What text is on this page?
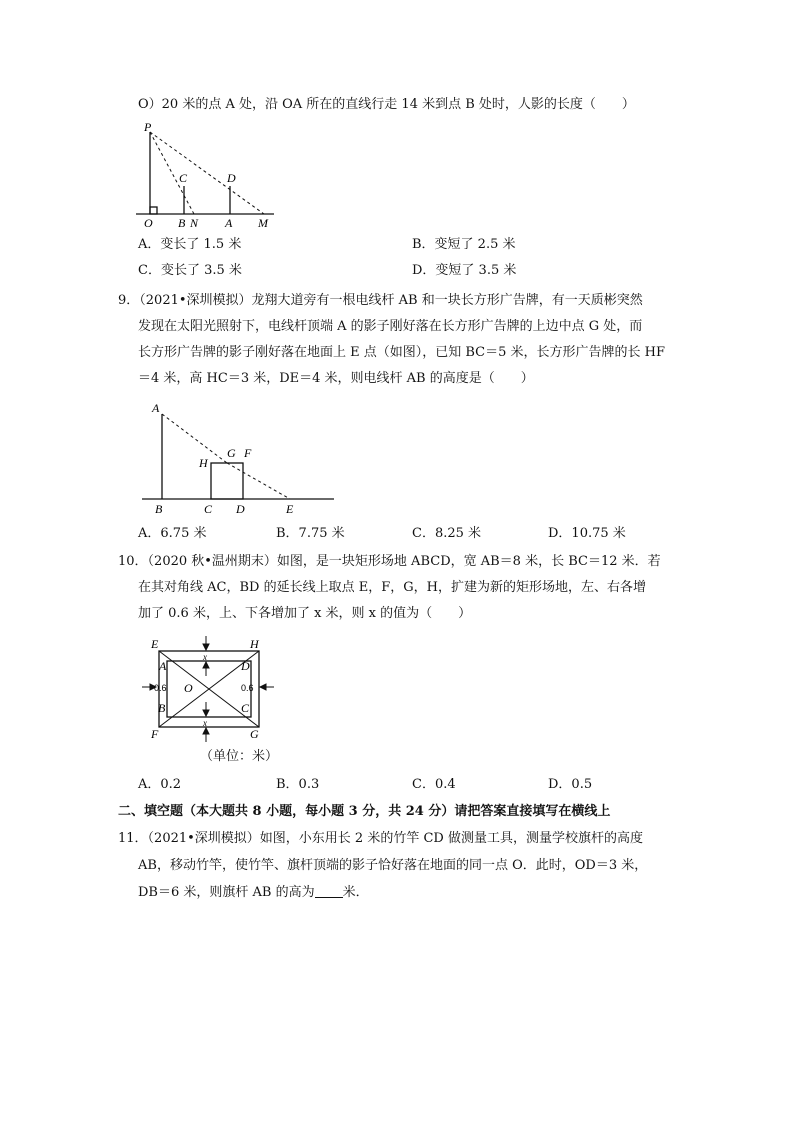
O）20 米的点 A 处，沿 OA 所在的直线行走 14 米到点 B 处时，人影的长度（　　）
P
C	D
O B N A M
A．变长了 1.5 米	B．变短了 2.5 米
C．变长了 3.5 米	D．变短了 3.5 米
9．（2021•深圳模拟）龙翔大道旁有一根电线杆 AB 和一块长方形广告牌，有一天质彬突然
发现在太阳光照射下，电线杆顶端 A 的影子刚好落在长方形广告牌的上边中点 G 处，而
长方形广告牌的影子刚好落在地面上 E 点（如图），已知 BC＝5 米，长方形广告牌的长 HF
＝4 米，高 HC＝3 米，DE＝4 米，则电线杆 AB 的高度是（　　）
A
G F
H
B	C D	E
A．6.75 米	B．7.75 米	C．8.25 米	D．10.75 米
10．（2020 秋•温州期末）如图，是一块矩形场地 ABCD，宽 AB＝8 米，长 BC＝12 米．若
在其对角线 AC，BD 的延长线上取点 E，F，G，H，扩建为新的矩形场地，左、右各增
加了 0.6 米，上、下各增加了 x 米，则 x 的值为（　　）
x
x
0.6	0.6
E	H
A	D
O
B	C
F	G
（单位：米）
A．0.2	B．0.3	C．0.4	D．0.5
二、填空题（本大题共 8 小题，每小题 3 分，共 24 分）请把答案直接填写在横线上
11．（2021•深圳模拟）如图，小东用长 2 米的竹竿 CD 做测量工具，测量学校旗杆的高度
AB，移动竹竿，使竹竿、旗杆顶端的影子恰好落在地面的同一点 O．此时，OD＝3 米，
DB＝6 米，则旗杆 AB 的高为 米．
